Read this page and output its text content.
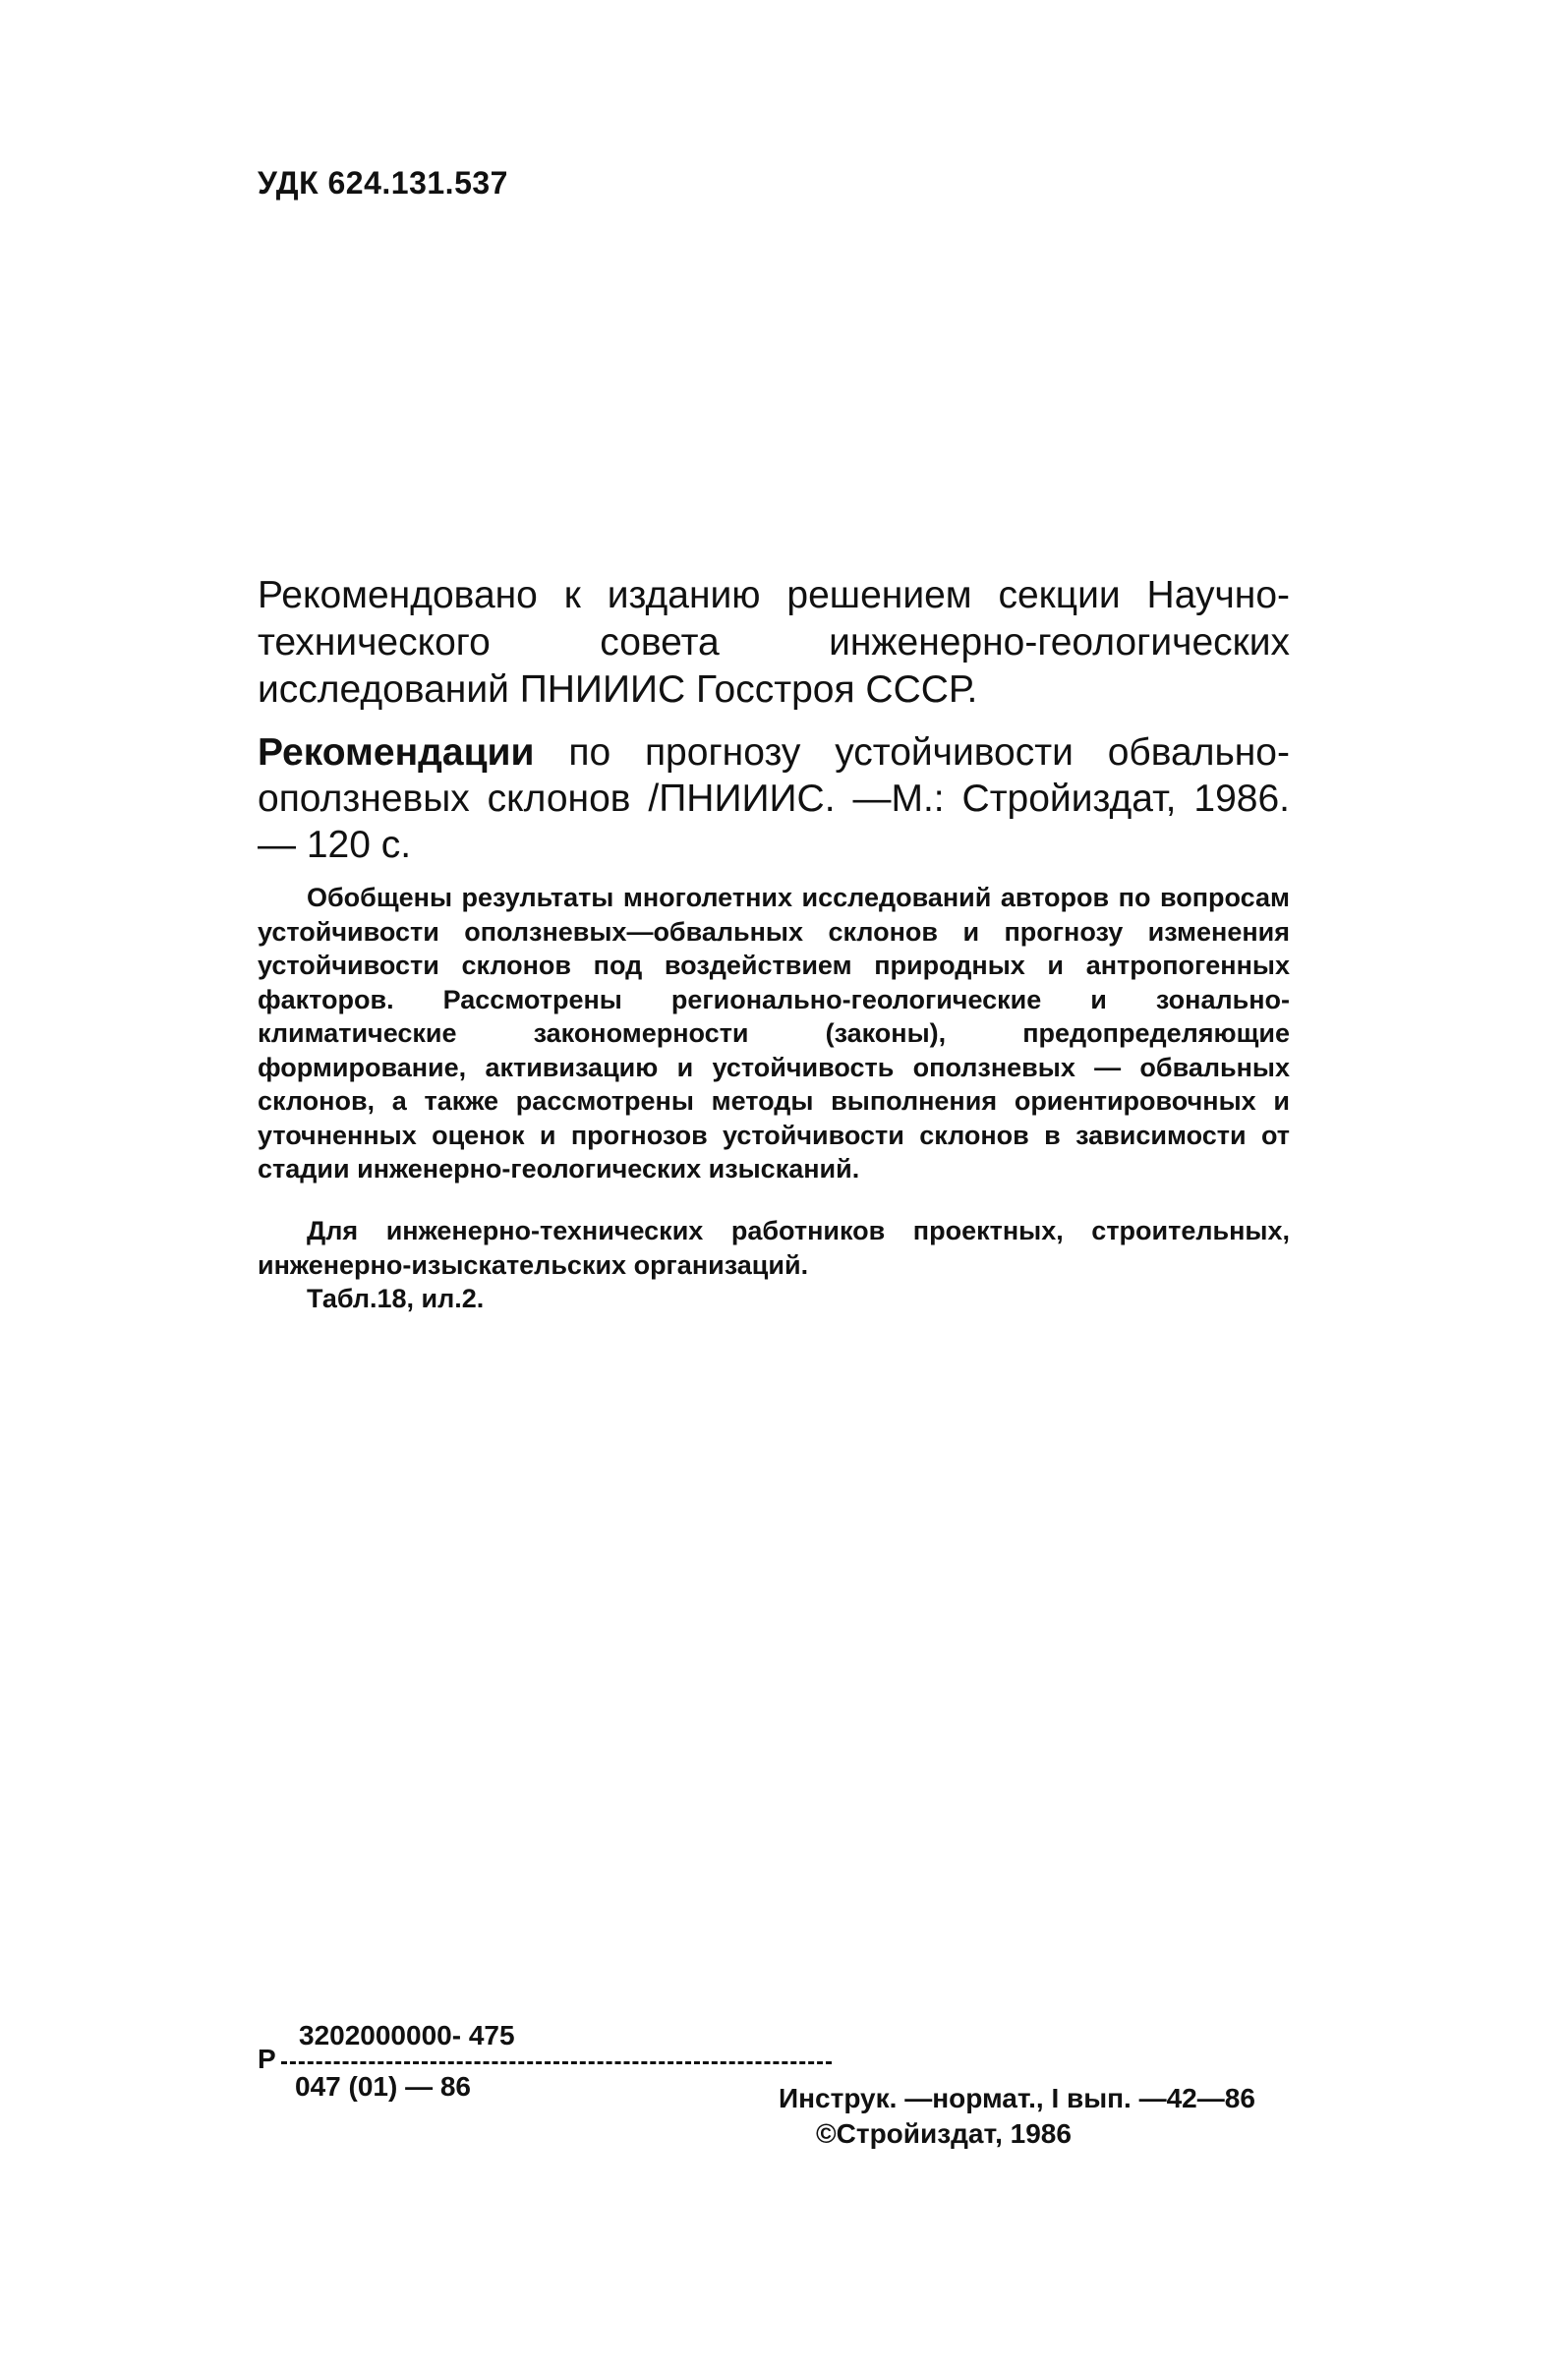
УДК 624.131.537
Рекомендовано к изданию решением секции Научно-технического совета инженерно-геологических исследований ПНИИИС Госстроя СССР.
Рекомендации по прогнозу устойчивости обвально-оползневых склонов /ПНИИИС. —М.: Стройиздат, 1986. — 120 с.
Обобщены результаты многолетних исследований авторов по вопросам устойчивости оползневых—обвальных склонов и прогнозу изменения устойчивости склонов под воздействием природных и антропогенных факторов. Рассмотрены регионально-геологические и зонально-климатические закономерности (законы), предопределяющие формирование, активизацию и устойчивость оползневых — обвальных склонов, а также рассмотрены методы выполнения ориентировочных и уточненных оценок и прогнозов устойчивости склонов в зависимости от стадии инженерно-геологических изысканий.
Для инженерно-технических работников проектных, строительных, инженерно-изыскательских организаций.
Табл.18, ил.2.
3202000000- 475
Р
047 (01) — 86	Инструк. —нормат., I вып. —42—86
©Стройиздат, 1986
